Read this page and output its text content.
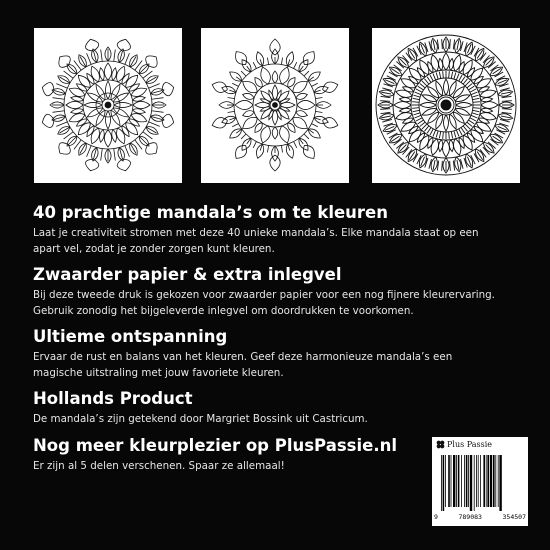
40 prachtige mandala’s om te kleuren

Laat je creativiteit stromen met deze 40 unieke mandala’s. Elke mandala staat op een
apart vel, zodat je zonder zorgen kunt kleuren.

Zwaarder papier & extra inlegvel

Bij deze tweede druk is gekozen voor zwaarder papier voor een nog fijnere kleurervaring.
Gebruik zonodig het bijgeleverde inlegvel om doordrukken te voorkomen.

Ultieme ontspanning

Ervaar de rust en balans van het kleuren. Geef deze harmonieuze mandala’s een
magische uitstraling met jouw favoriete kleuren.

Hollands Product

De mandala’s zijn getekend door Margriet Bossink uit Castricum.

Nog meer kleurplezier op PlusPassie.nl

Er zijn al 5 delen verschenen. Spaar ze allemaal!

Plus Passie
9	789083	354507
